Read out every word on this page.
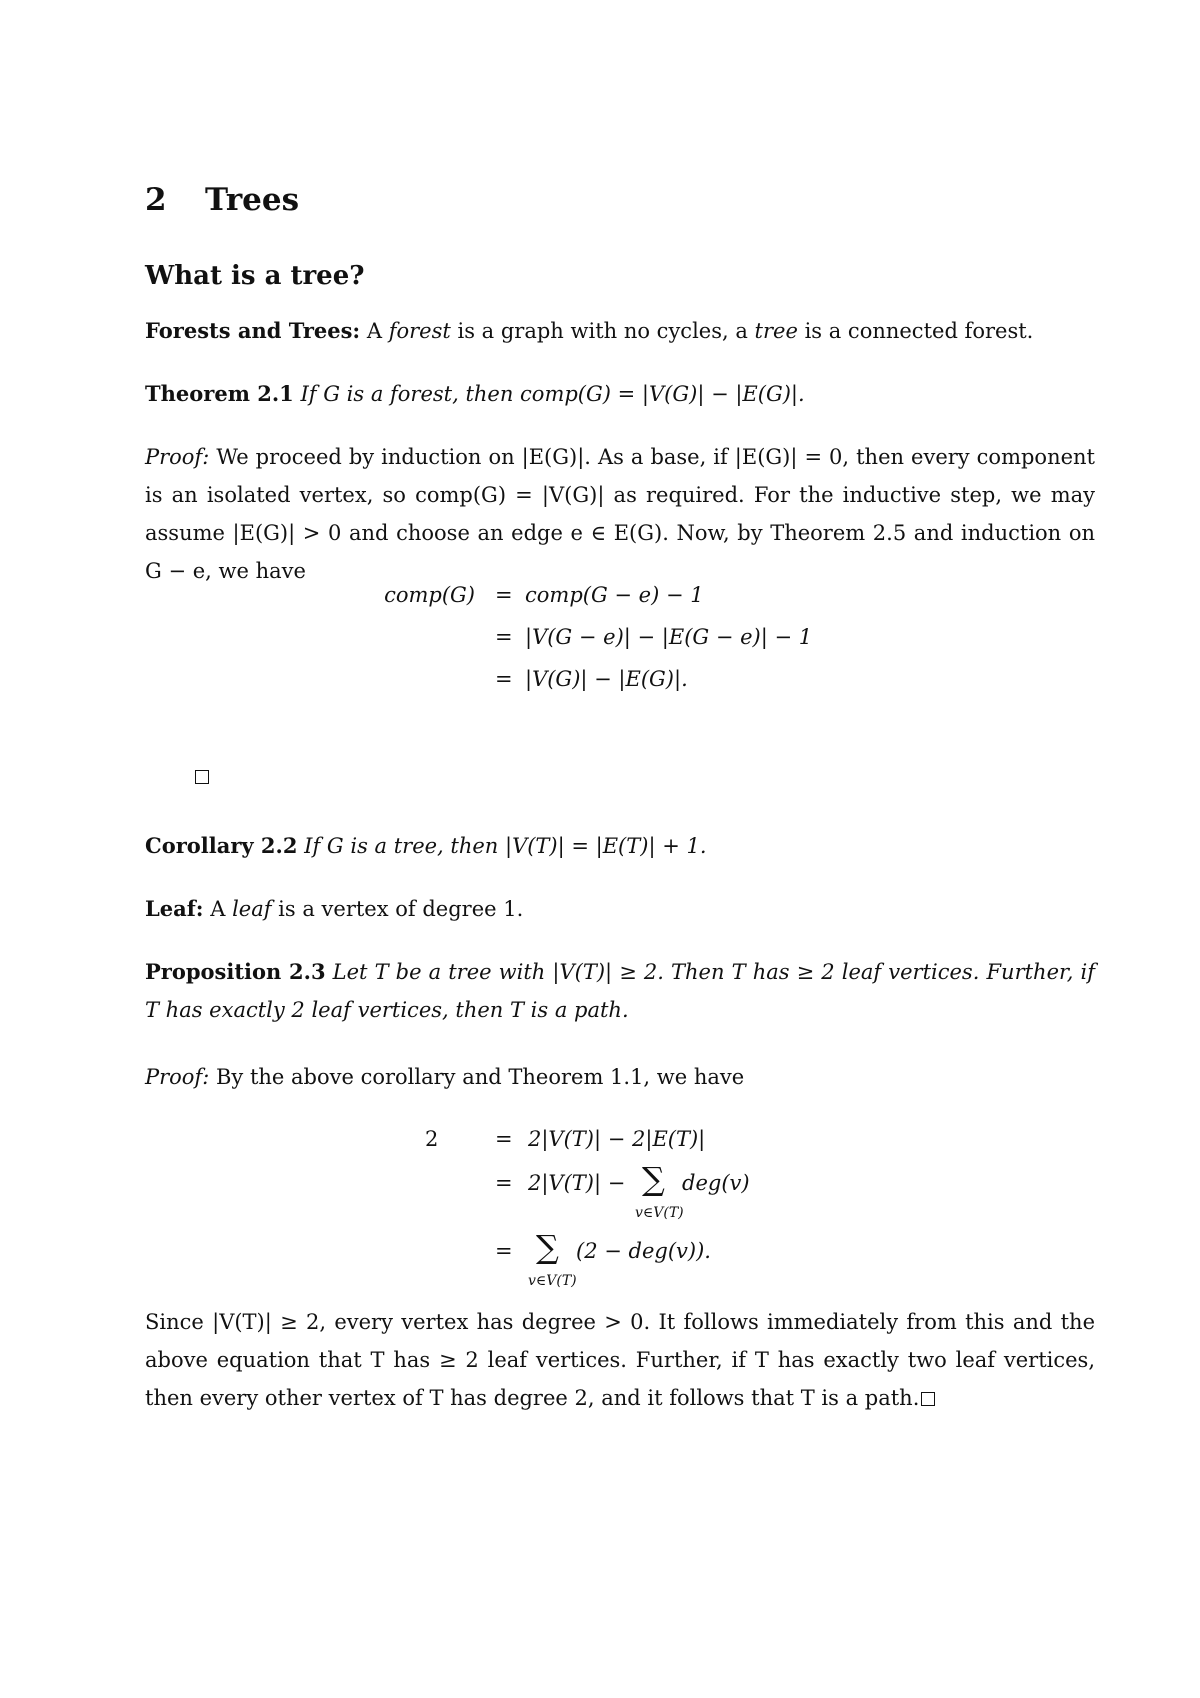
2 Trees
What is a tree?
Forests and Trees: A forest is a graph with no cycles, a tree is a connected forest.
Theorem 2.1 If G is a forest, then comp(G) = |V(G)| − |E(G)|.
Proof: We proceed by induction on |E(G)|. As a base, if |E(G)| = 0, then every component is an isolated vertex, so comp(G) = |V(G)| as required. For the inductive step, we may assume |E(G)| > 0 and choose an edge e ∈ E(G). Now, by Theorem 2.5 and induction on G − e, we have
comp(G) = comp(G − e) − 1
= |V(G − e)| − |E(G − e)| − 1
= |V(G)| − |E(G)|.
Corollary 2.2 If G is a tree, then |V(T)| = |E(T)| + 1.
Leaf: A leaf is a vertex of degree 1.
Proposition 2.3 Let T be a tree with |V(T)| ≥ 2. Then T has ≥ 2 leaf vertices. Further, if T has exactly 2 leaf vertices, then T is a path.
Proof: By the above corollary and Theorem 1.1, we have
2	= 2|V(T)| − 2|E(T)|
= 2|V(T)| − ∑
v∈V(T)
deg(v)
= ∑
v∈V(T)
(2 − deg(v)).
Since |V(T)| ≥ 2, every vertex has degree > 0. It follows immediately from this and the above equation that T has ≥ 2 leaf vertices. Further, if T has exactly two leaf vertices, then every other vertex of T has degree 2, and it follows that T is a path.
